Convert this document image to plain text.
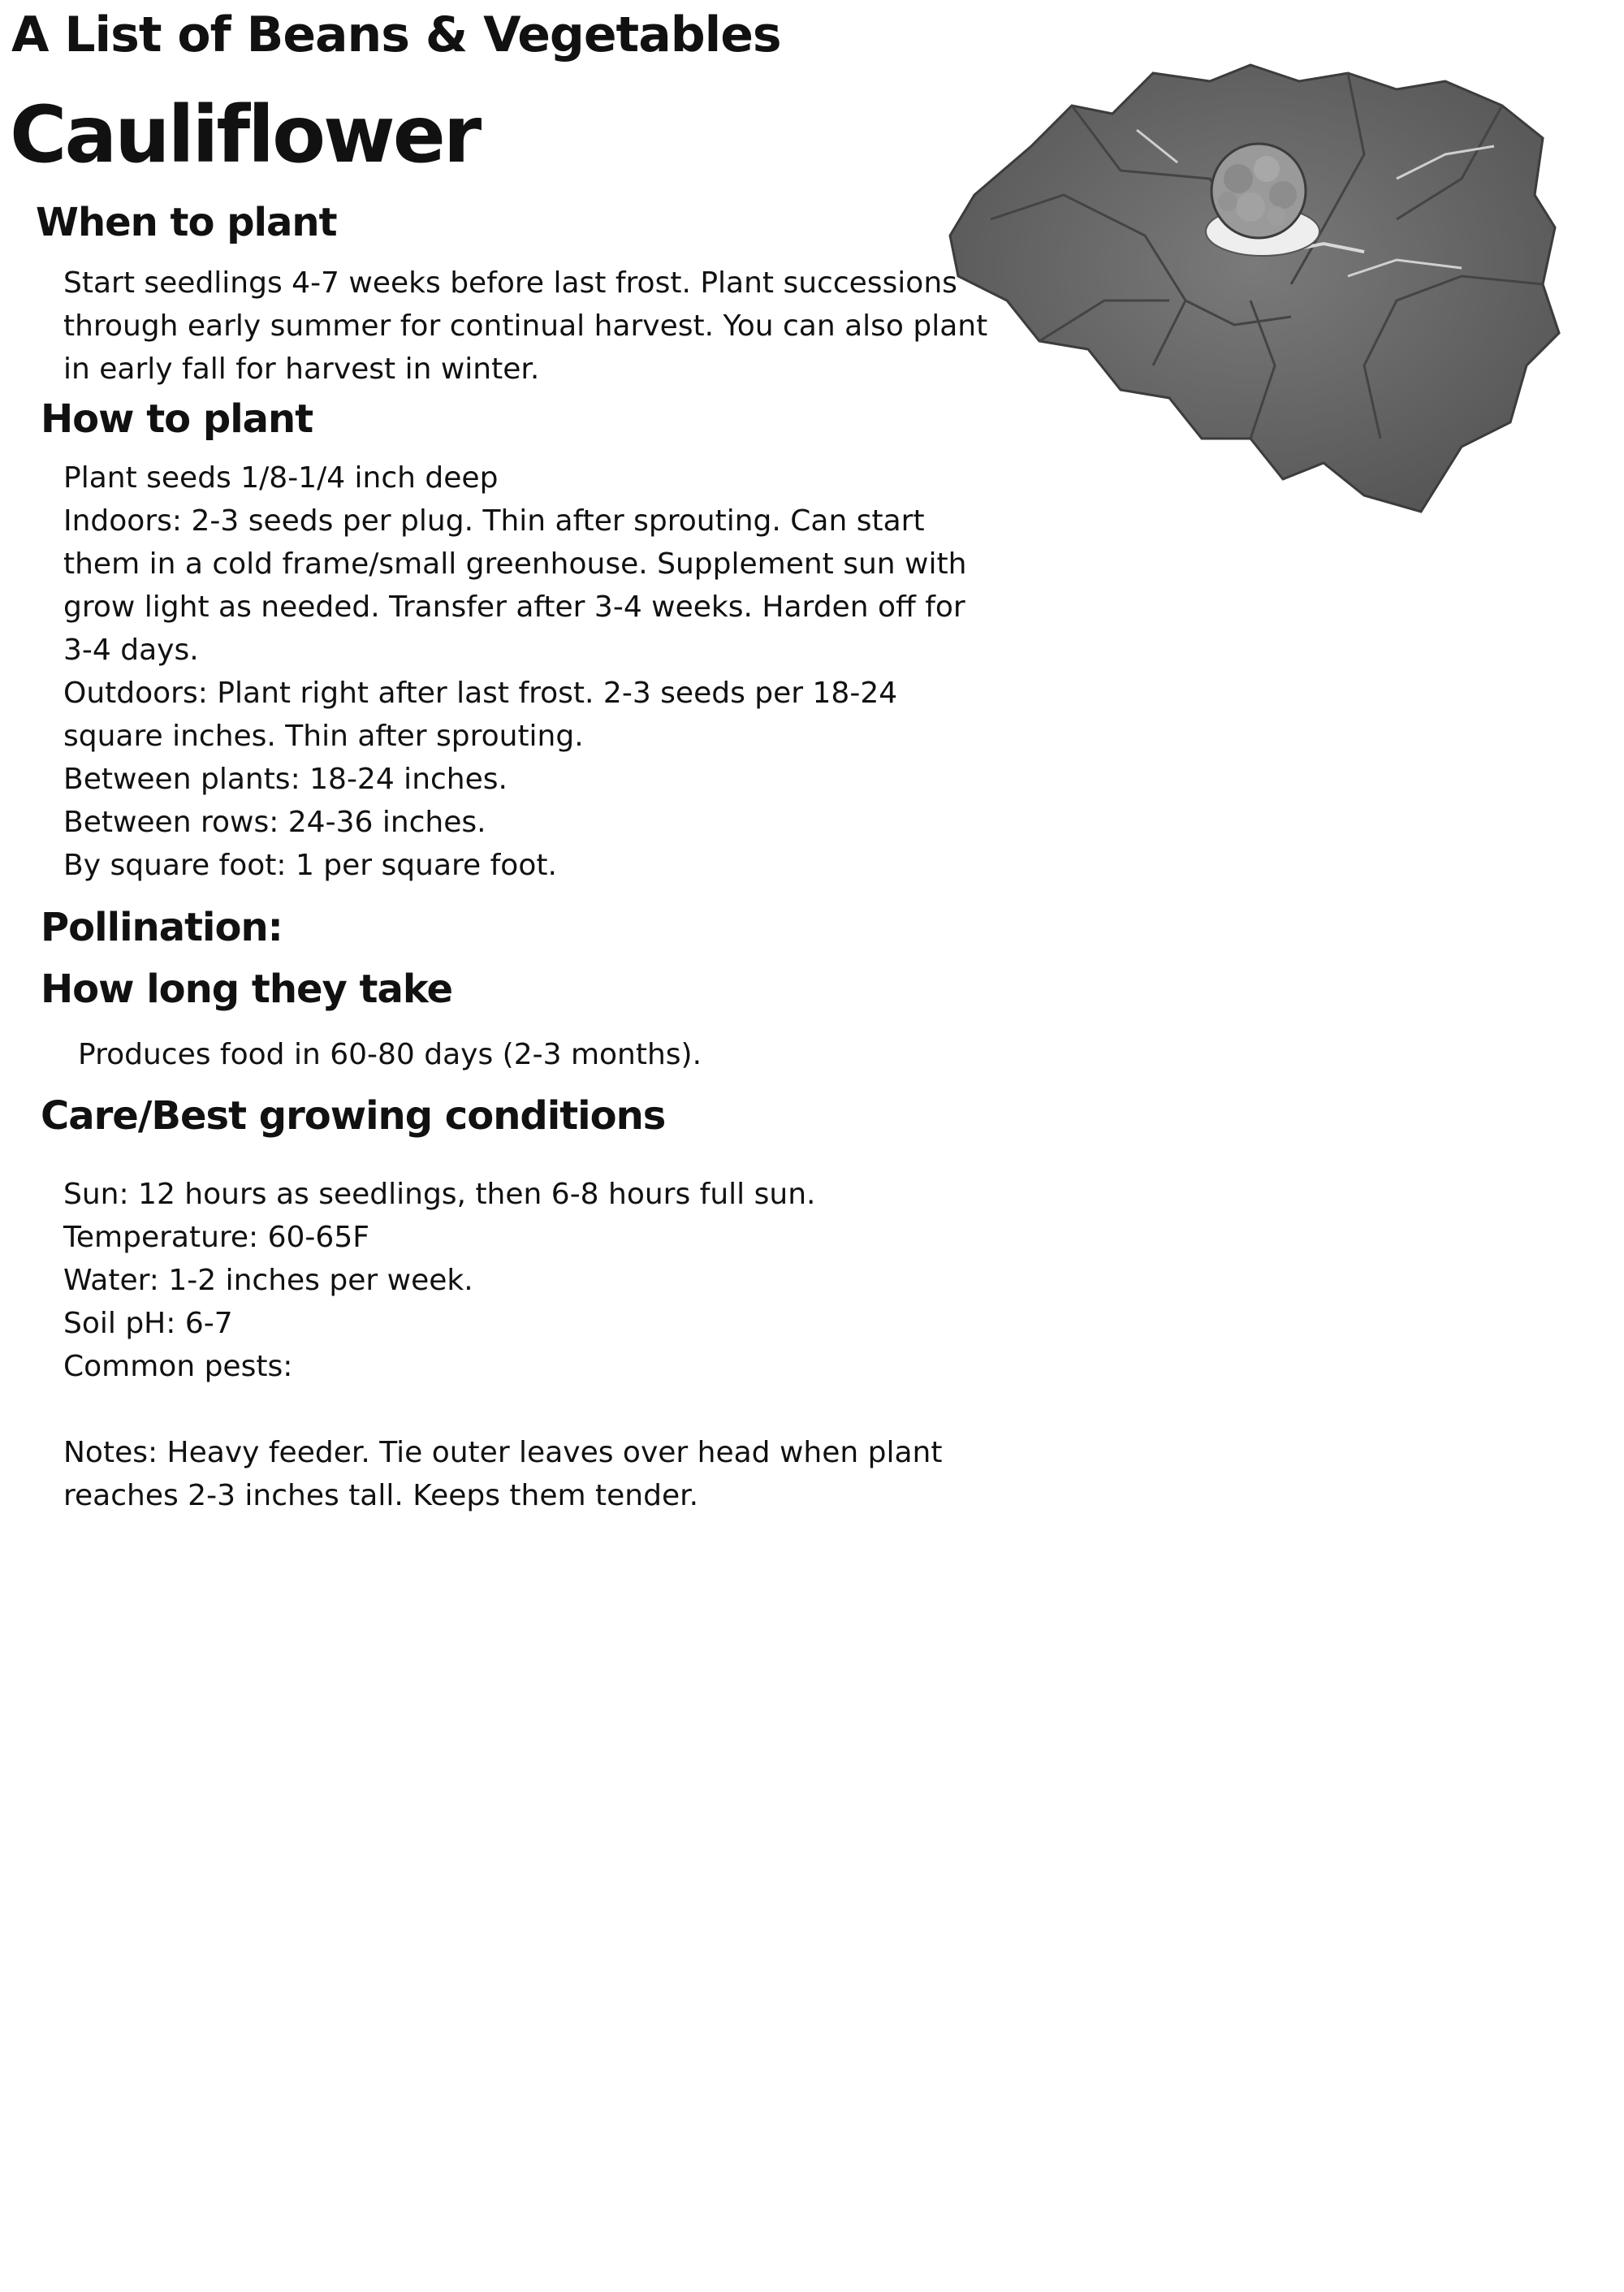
A List of Beans & Vegetables
Cauliflower
When to plant
Start seedlings 4-7 weeks before last frost. Plant successions
through early summer for continual harvest. You can also plant
in early fall for harvest in winter.
How to plant
Plant seeds 1/8-1/4 inch deep
Indoors: 2-3 seeds per plug. Thin after sprouting. Can start
them in a cold frame/small greenhouse. Supplement sun with
grow light as needed. Transfer after 3-4 weeks. Harden off for
3-4 days.
Outdoors: Plant right after last frost. 2-3 seeds per 18-24
square inches. Thin after sprouting.
Between plants: 18-24 inches.
Between rows: 24-36 inches.
By square foot: 1 per square foot.
Pollination:
How long they take
Produces food in 60-80 days (2-3 months).
Care/Best growing conditions
Sun: 12 hours as seedlings, then 6-8 hours full sun.
Temperature: 60-65F
Water: 1-2 inches per week.
Soil pH: 6-7
Common pests:
Notes: Heavy feeder. Tie outer leaves over head when plant
reaches 2-3 inches tall. Keeps them tender.
